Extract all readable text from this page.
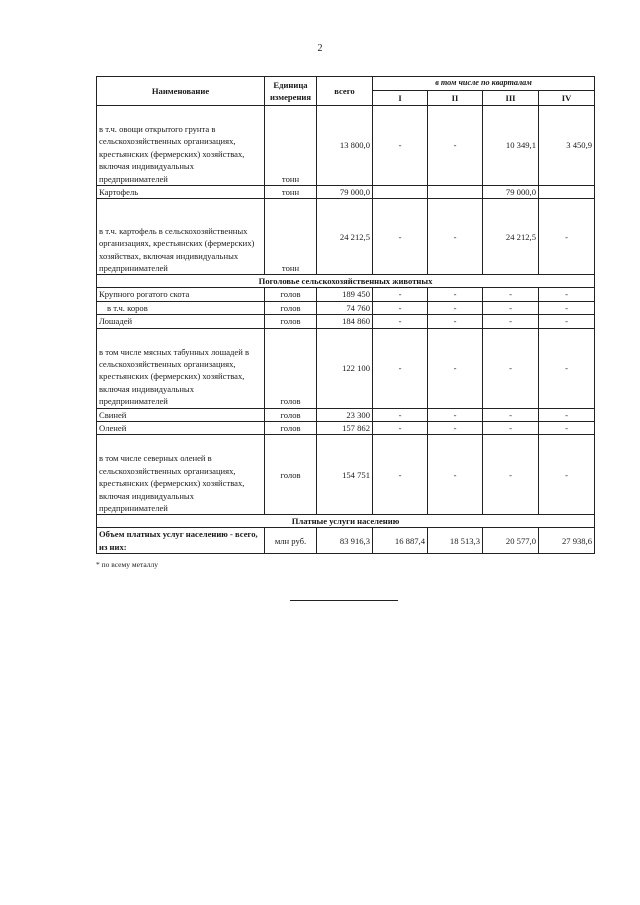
2
Наименование	Единица измерения	всего	в том числе по кварталам			
			I	II	III	IV
в т.ч. овощи открытого грунта в сельскохозяйственных организациях, крестьянских (фермерских) хозяйствах, включая индивидуальных предпринимателей	тонн	13 800,0	-	-	10 349,1	3 450,9
Картофель	тонн	79 000,0			79 000,0	
в т.ч. картофель в сельскохозяйственных организациях, крестьянских (фермерских) хозяйствах, включая индивидуальных предпринимателей	тонн	24 212,5	-	-	24 212,5	-
Поголовье сельскохозяйственных животных						
Крупного рогатого скота	голов	189 450	-	-	-	-
в т.ч. коров	голов	74 760	-	-	-	-
Лошадей	голов	184 860	-	-	-	-
в том числе мясных табунных лошадей в сельскохозяйственных организациях, крестьянских (фермерских) хозяйствах, включая индивидуальных предпринимателей	голов	122 100	-	-	-	-
Свиней	голов	23 300	-	-	-	-
Оленей	голов	157 862	-	-	-	-
в том числе северных оленей в сельскохозяйственных организациях, крестьянских (фермерских) хозяйствах, включая индивидуальных предпринимателей	голов	154 751	-	-	-	-
Платные услуги населению						
Объем платных услуг населению - всего, из них:	млн руб.	83 916,3	16 887,4	18 513,3	20 577,0	27 938,6
* по всему металлу
